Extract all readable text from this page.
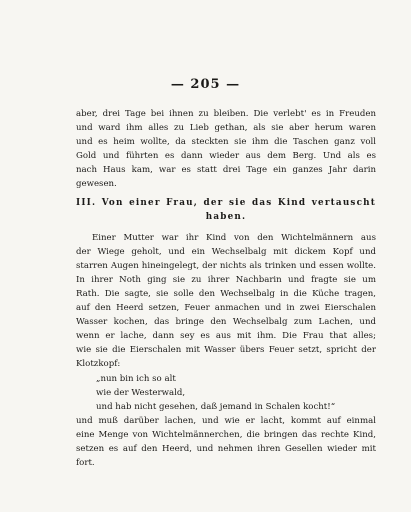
— 205 —
aber, drei Tage bei ihnen zu bleiben. Die verlebt' es in Freuden
und ward ihm alles zu Lieb gethan, als sie aber herum waren
und es heim wollte, da steckten sie ihm die Taschen ganz voll
Gold und führten es dann wieder aus dem Berg. Und als es
nach Haus kam, war es statt drei Tage ein ganzes Jahr darin
gewesen.
III. Von einer Frau, der sie das Kind vertauscht
haben.
Einer Mutter war ihr Kind von den Wichtelmännern aus
der Wiege geholt, und ein Wechselbalg mit dickem Kopf und
starren Augen hineingelegt, der nichts als trinken und essen wollte.
In ihrer Noth ging sie zu ihrer Nachbarin und fragte sie um
Rath. Die sagte, sie solle den Wechselbalg in die Küche tragen,
auf den Heerd setzen, Feuer anmachen und in zwei Eierschalen
Wasser kochen, das bringe den Wechselbalg zum Lachen, und
wenn er lache, dann sey es aus mit ihm. Die Frau that alles;
wie sie die Eierschalen mit Wasser übers Feuer setzt, spricht der
Klotzkopf:
„nun bin ich so alt
wie der Westerwald,
und hab nicht gesehen, daß jemand in Schalen kocht!“
und muß darüber lachen, und wie er lacht, kommt auf einmal
eine Menge von Wichtelmännerchen, die bringen das rechte Kind,
setzen es auf den Heerd, und nehmen ihren Gesellen wieder mit
fort.
